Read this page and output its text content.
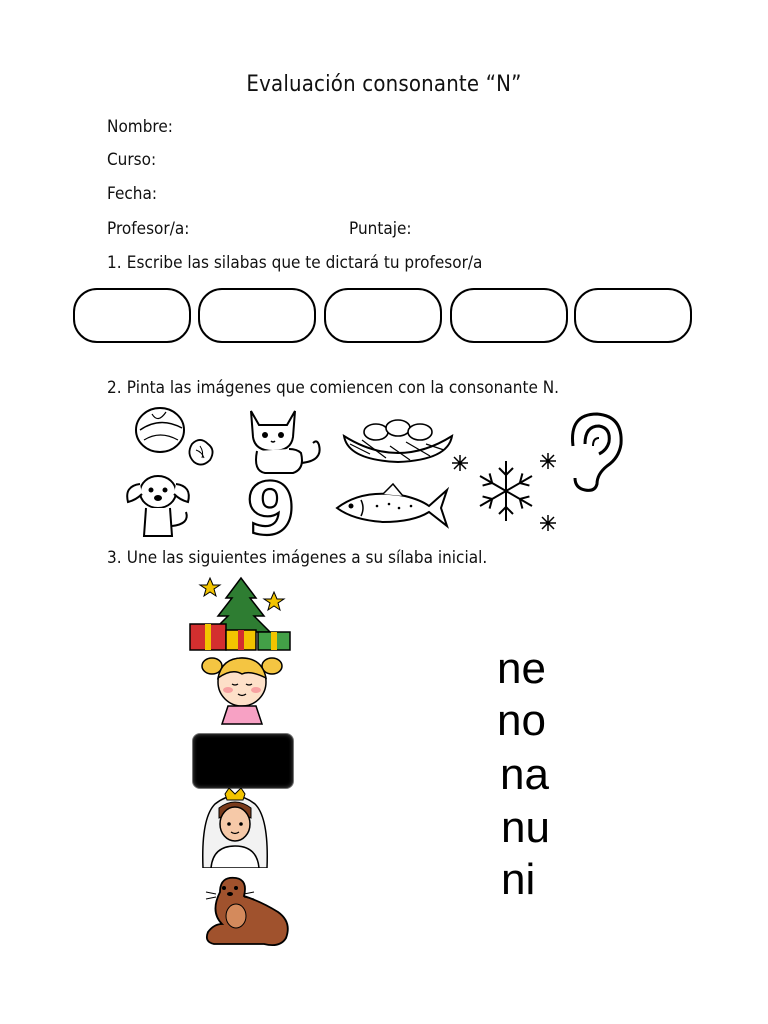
Evaluación consonante “N”
Nombre:
Curso:
Fecha:
Profesor/a:	Puntaje:
1. Escribe las silabas que te dictará tu profesor/a
2. Pinta las imágenes que comiencen con la consonante N.
9
3. Une las siguientes imágenes a su sílaba inicial.
ne
no
na
nu
ni
